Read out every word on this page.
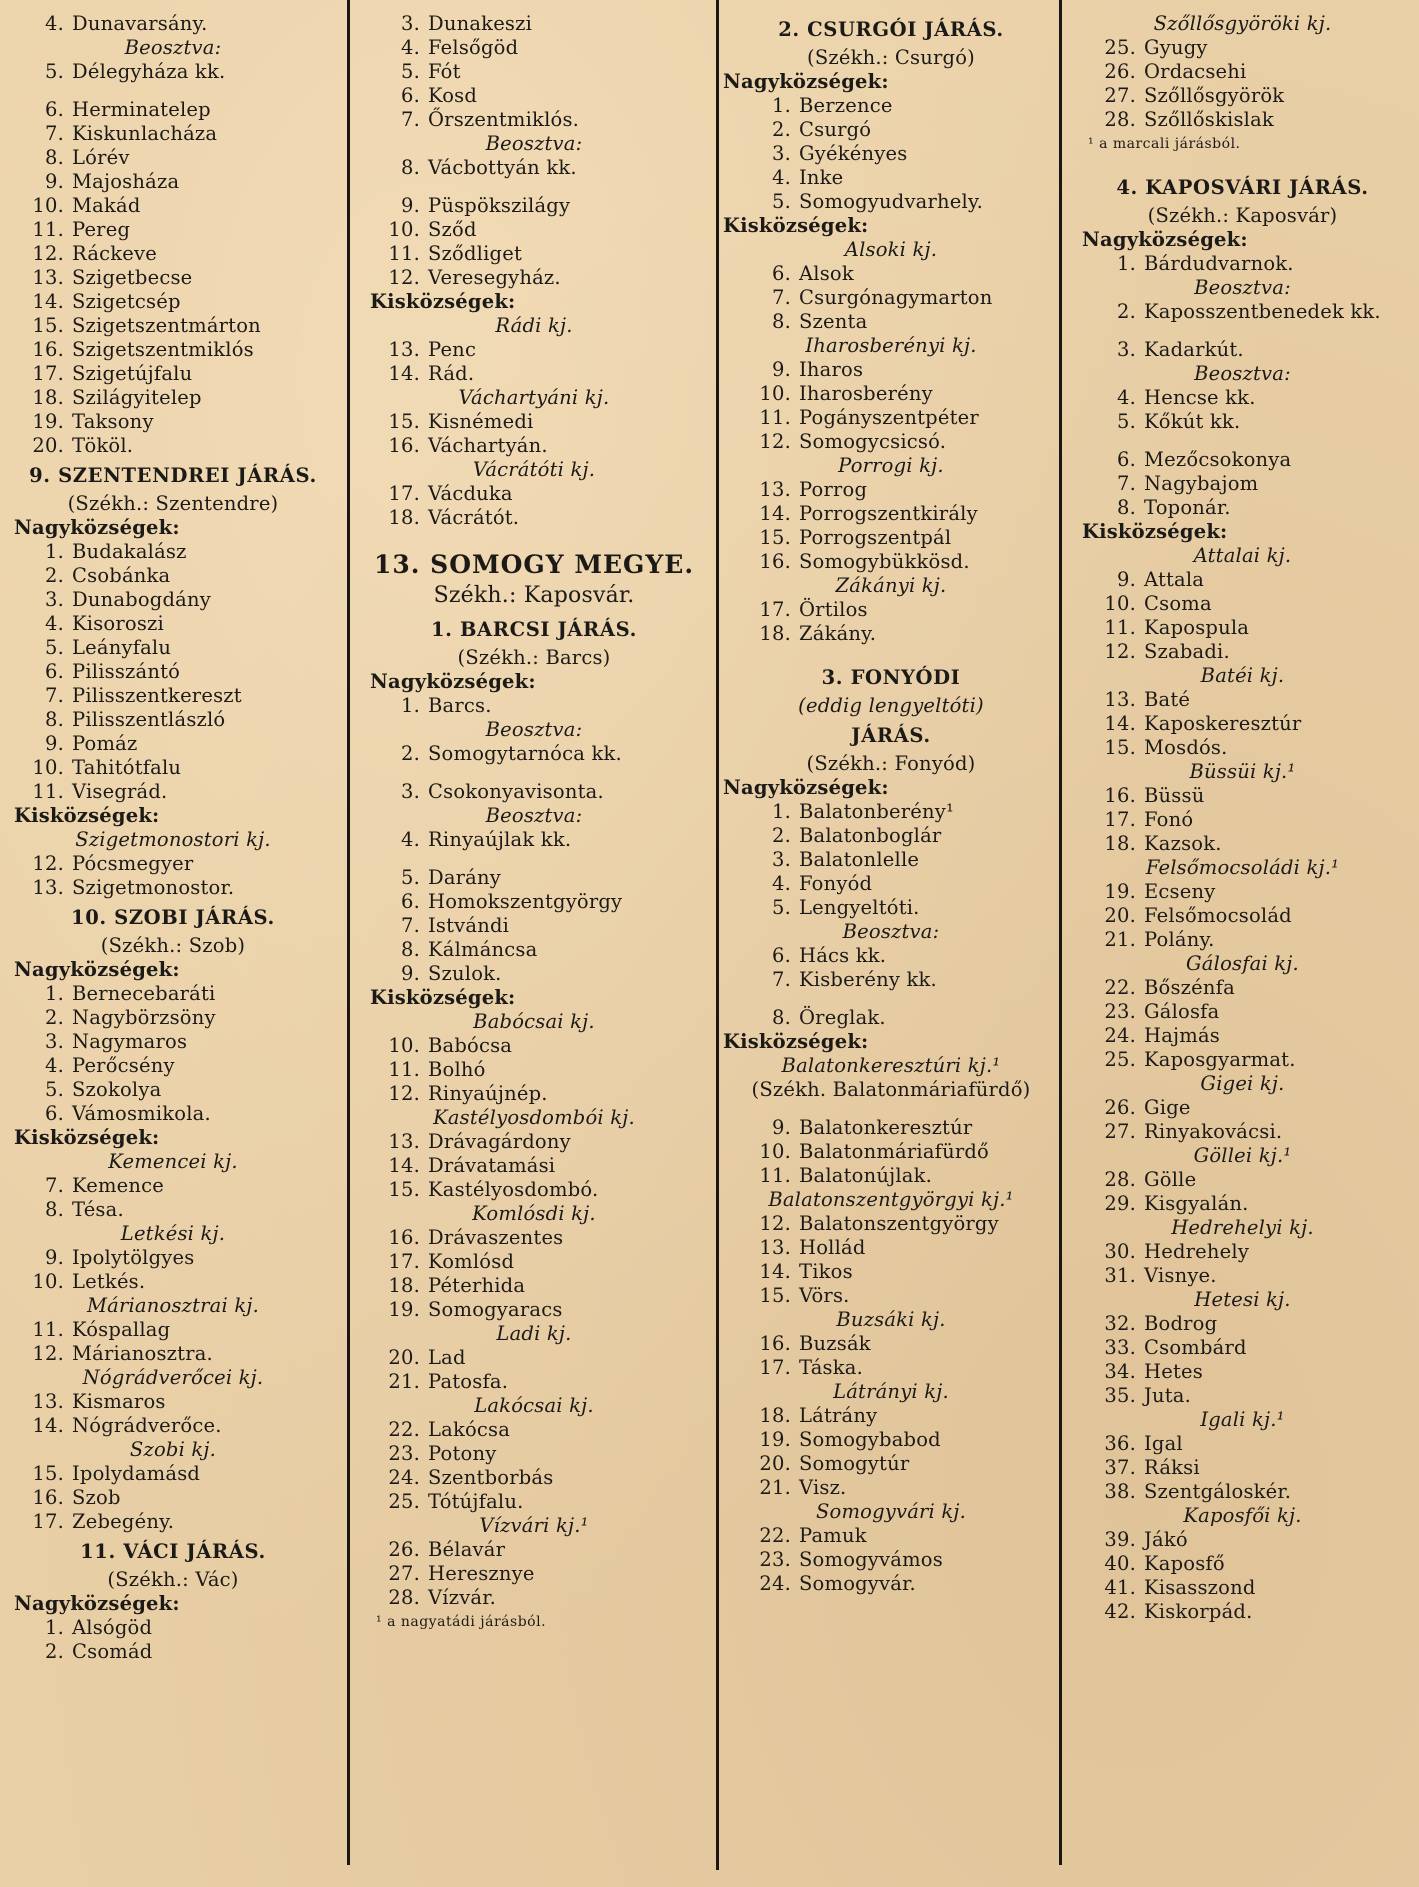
4. Dunavarsány.
Beosztva:
5. Délegyháza kk.
6. Herminatelep
7. Kiskunlacháza
8. Lórév
9. Majosháza
10. Makád
11. Pereg
12. Ráckeve
13. Szigetbecse
14. Szigetcsép
15. Szigetszentmárton
16. Szigetszentmiklós
17. Szigetújfalu
18. Szilágyitelep
19. Taksony
20. Tököl.
9. SZENTENDREI JÁRÁS.
(Székh.: Szentendre)
Nagyközségek:
1. Budakalász
2. Csobánka
3. Dunabogdány
4. Kisoroszi
5. Leányfalu
6. Pilisszántó
7. Pilisszentkereszt
8. Pilisszentlászló
9. Pomáz
10. Tahitótfalu
11. Visegrád.
Kisközségek:
Szigetmonostori kj.
12. Pócsmegyer
13. Szigetmonostor.
10. SZOBI JÁRÁS.
(Székh.: Szob)
Nagyközségek:
1. Bernecebaráti
2. Nagybörzsöny
3. Nagymaros
4. Perőcsény
5. Szokolya
6. Vámosmikola.
Kisközségek:
Kemencei kj.
7. Kemence
8. Tésa.
Letkési kj.
9. Ipolytölgyes
10. Letkés.
Márianosztrai kj.
11. Kóspallag
12. Márianosztra.
Nógrádverőcei kj.
13. Kismaros
14. Nógrádverőce.
Szobi kj.
15. Ipolydamásd
16. Szob
17. Zebegény.
11. VÁCI JÁRÁS.
(Székh.: Vác)
Nagyközségek:
1. Alsógöd
2. Csomád
3. Dunakeszi
4. Felsőgöd
5. Fót
6. Kosd
7. Őrszentmiklós.
Beosztva:
8. Vácbottyán kk.
9. Püspökszilágy
10. Sződ
11. Sződliget
12. Veresegyház.
Kisközségek:
Rádi kj.
13. Penc
14. Rád.
Váchartyáni kj.
15. Kisnémedi
16. Váchartyán.
Vácrátóti kj.
17. Vácduka
18. Vácrátót.
13. SOMOGY MEGYE.
Székh.: Kaposvár.
1. BARCSI JÁRÁS.
(Székh.: Barcs)
Nagyközségek:
1. Barcs.
Beosztva:
2. Somogytarnóca kk.
3. Csokonyavisonta.
Beosztva:
4. Rinyaújlak kk.
5. Darány
6. Homokszentgyörgy
7. Istvándi
8. Kálmáncsa
9. Szulok.
Kisközségek:
Babócsai kj.
10. Babócsa
11. Bolhó
12. Rinyaújnép.
Kastélyosdombói kj.
13. Drávagárdony
14. Drávatamási
15. Kastélyosdombó.
Komlósdi kj.
16. Drávaszentes
17. Komlósd
18. Péterhida
19. Somogyaracs
Ladi kj.
20. Lad
21. Patosfa.
Lakócsai kj.
22. Lakócsa
23. Potony
24. Szentborbás
25. Tótújfalu.
Vízvári kj.¹
26. Bélavár
27. Heresznye
28. Vízvár.
¹ a nagyatádi járásból.
2. CSURGÓI JÁRÁS.
(Székh.: Csurgó)
Nagyközségek:
1. Berzence
2. Csurgó
3. Gyékényes
4. Inke
5. Somogyudvarhely.
Kisközségek:
Alsoki kj.
6. Alsok
7. Csurgónagymarton
8. Szenta
Iharosberényi kj.
9. Iharos
10. Iharosberény
11. Pogányszentpéter
12. Somogycsicsó.
Porrogi kj.
13. Porrog
14. Porrogszentkirály
15. Porrogszentpál
16. Somogybükkösd.
Zákányi kj.
17. Örtilos
18. Zákány.
3. FONYÓDI
(eddig lengyeltóti)
JÁRÁS.
(Székh.: Fonyód)
Nagyközségek:
1. Balatonberény¹
2. Balatonboglár
3. Balatonlelle
4. Fonyód
5. Lengyeltóti.
Beosztva:
6. Hács kk.
7. Kisberény kk.
8. Öreglak.
Kisközségek:
Balatonkeresztúri kj.¹
(Székh. Balatonmáriafürdő)
9. Balatonkeresztúr
10. Balatonmáriafürdő
11. Balatonújlak.
Balatonszentgyörgyi kj.¹
12. Balatonszentgyörgy
13. Hollád
14. Tikos
15. Vörs.
Buzsáki kj.
16. Buzsák
17. Táska.
Látrányi kj.
18. Látrány
19. Somogybabod
20. Somogytúr
21. Visz.
Somogyvári kj.
22. Pamuk
23. Somogyvámos
24. Somogyvár.
Szőllősgyöröki kj.
25. Gyugy
26. Ordacsehi
27. Szőllősgyörök
28. Szőllőskislak
¹ a marcali járásból.
4. KAPOSVÁRI JÁRÁS.
(Székh.: Kaposvár)
Nagyközségek:
1. Bárdudvarnok.
Beosztva:
2. Kaposszentbenedek kk.
3. Kadarkút.
Beosztva:
4. Hencse kk.
5. Kőkút kk.
6. Mezőcsokonya
7. Nagybajom
8. Toponár.
Kisközségek:
Attalai kj.
9. Attala
10. Csoma
11. Kapospula
12. Szabadi.
Batéi kj.
13. Baté
14. Kaposkeresztúr
15. Mosdós.
Büssüi kj.¹
16. Büssü
17. Fonó
18. Kazsok.
Felsőmocsoládi kj.¹
19. Ecseny
20. Felsőmocsolád
21. Polány.
Gálosfai kj.
22. Bőszénfa
23. Gálosfa
24. Hajmás
25. Kaposgyarmat.
Gigei kj.
26. Gige
27. Rinyakovácsi.
Göllei kj.¹
28. Gölle
29. Kisgyalán.
Hedrehelyi kj.
30. Hedrehely
31. Visnye.
Hetesi kj.
32. Bodrog
33. Csombárd
34. Hetes
35. Juta.
Igali kj.¹
36. Igal
37. Ráksi
38. Szentgáloskér.
Kaposfői kj.
39. Jákó
40. Kaposfő
41. Kisasszond
42. Kiskorpád.
